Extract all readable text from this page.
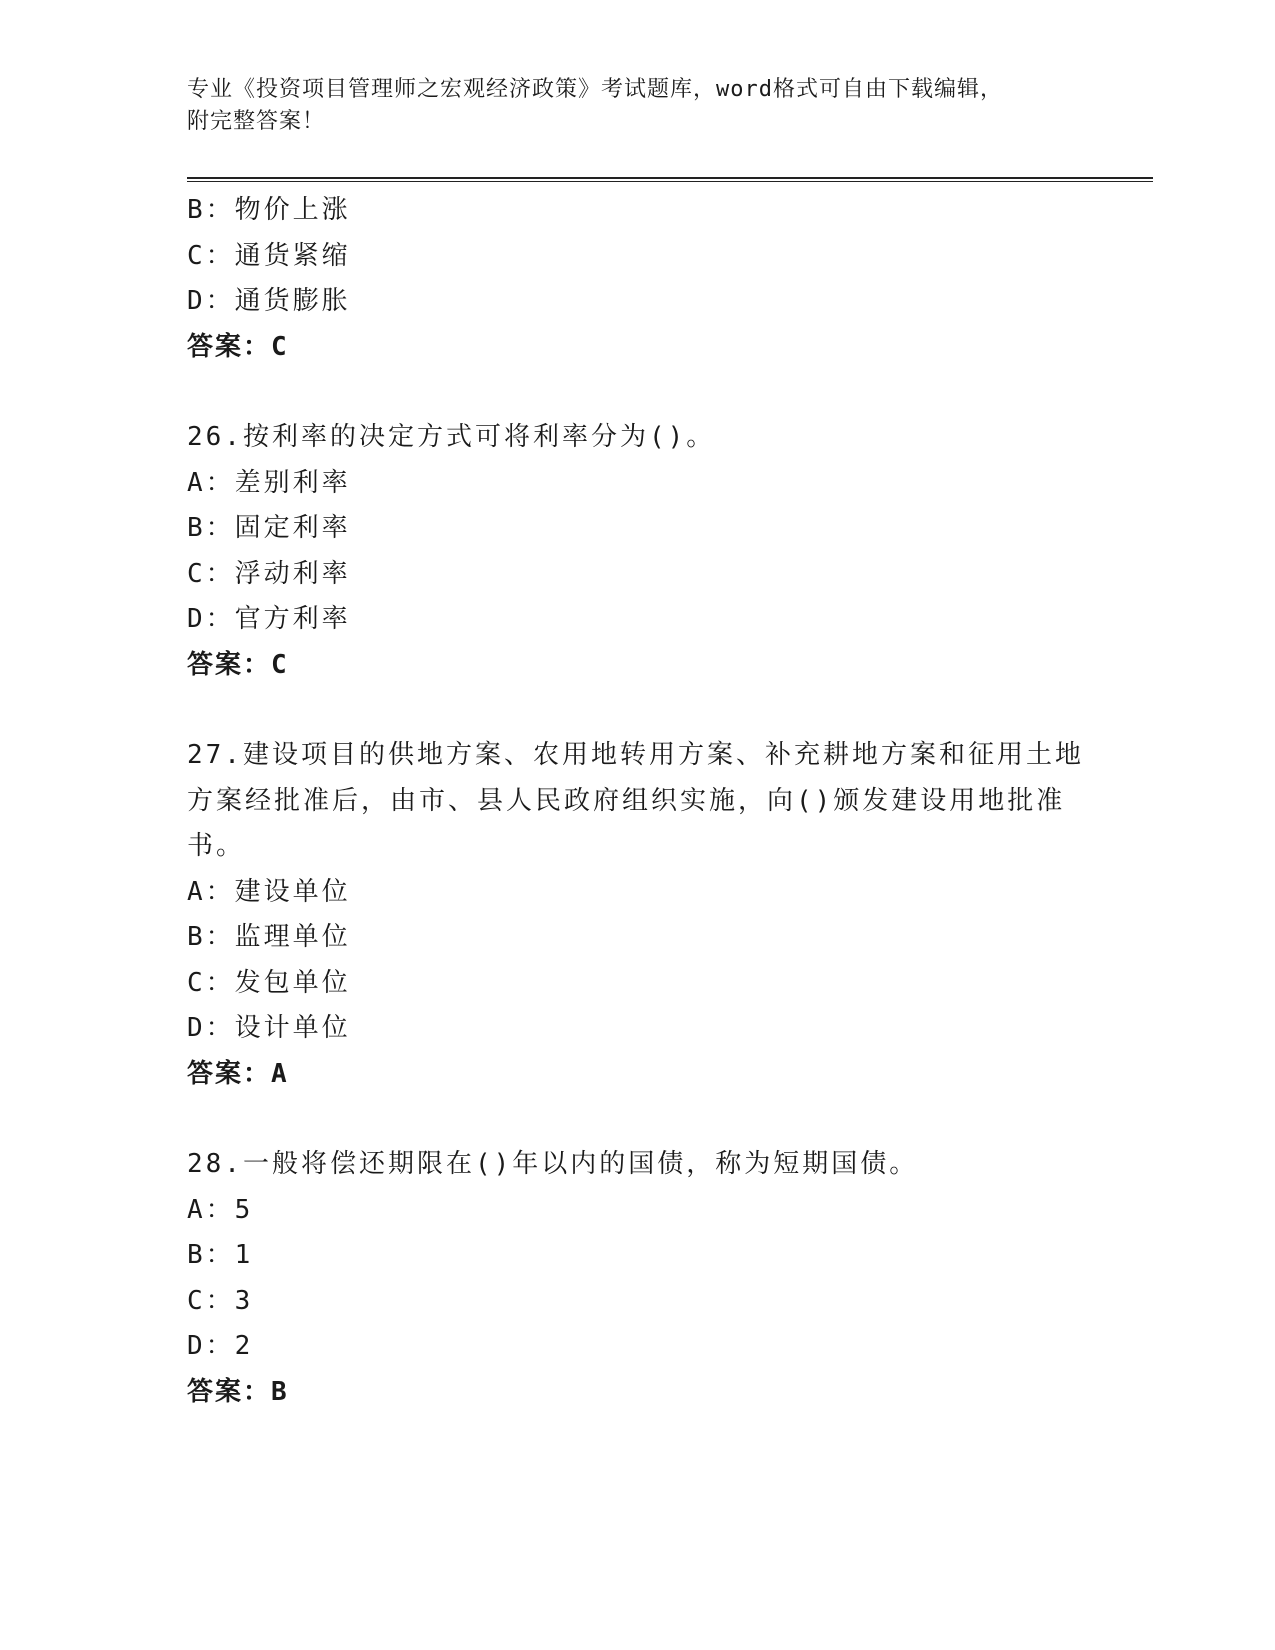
专业《投资项目管理师之宏观经济政策》考试题库，word格式可自由下载编辑，
附完整答案！
B：物价上涨
C：通货紧缩
D：通货膨胀
答案：C
26.按利率的决定方式可将利率分为()。
A：差别利率
B：固定利率
C：浮动利率
D：官方利率
答案：C
27.建设项目的供地方案、农用地转用方案、补充耕地方案和征用土地
方案经批准后，由市、县人民政府组织实施，向()颁发建设用地批准
书。
A：建设单位
B：监理单位
C：发包单位
D：设计单位
答案：A
28.一般将偿还期限在()年以内的国债，称为短期国债。
A：5
B：1
C：3
D：2
答案：B
